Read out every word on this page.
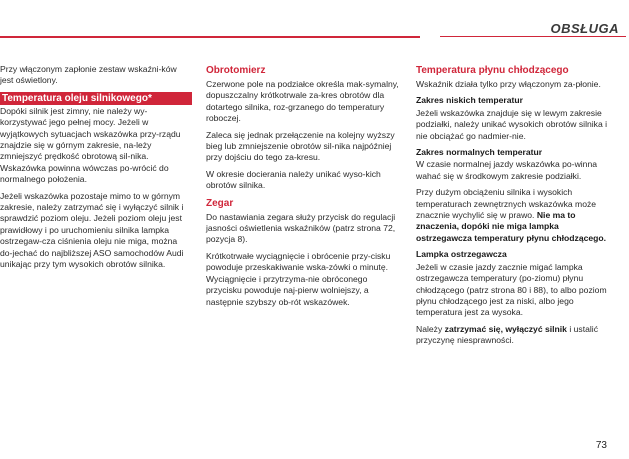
OBSŁUGA

Przy włączonym zapłonie zestaw wskaźni-ków jest oświetlony.

Temperatura oleju silnikowego*

Dopóki silnik jest zimny, nie należy wy-korzystywać jego pełnej mocy. Jeżeli w wyjątkowych sytuacjach wskazówka przy-rządu znajdzie się w górnym zakresie, na-leży zmniejszyć prędkość obrotową sil-nika. Wskazówka powinna wówczas po-wrócić do normalnego położenia.

Jeżeli wskazówka pozostaje mimo to w górnym zakresie, należy zatrzymać się i wyłączyć silnik i sprawdzić poziom oleju. Jeżeli poziom oleju jest prawidłowy i po uruchomieniu silnika lampka ostrzegaw-cza ciśnienia oleju nie miga, można do-jechać do najbliższej ASO samochodów Audi unikając przy tym wysokich obrotów silnika.

Obrotomierz

Czerwone pole na podziałce określa mak-symalny, dopuszczalny krótkotrwale za-kres obrotów dla dotartego silnika, roz-grzanego do temperatury roboczej.

Zaleca się jednak przełączenie na kolejny wyższy bieg lub zmniejszenie obrotów sil-nika najpóźniej przy dojściu do tego za-kresu.

W okresie docierania należy unikać wyso-kich obrotów silnika.

Zegar

Do nastawiania zegara służy przycisk do regulacji jasności oświetlenia wskaźników (patrz strona 72, pozycja 8).

Krótkotrwałe wyciągnięcie i obrócenie przy-cisku powoduje przeskakiwanie wska-zówki o minutę. Wyciągnięcie i przytrzyma-nie obróconego przycisku powoduje naj-pierw wolniejszy, a następnie szybszy ob-rót wskazówek.

Temperatura płynu chłodzącego

Wskaźnik działa tylko przy włączonym za-płonie.

Zakres niskich temperatur

Jeżeli wskazówka znajduje się w lewym zakresie podziałki, należy unikać wysokich obrotów silnika i nie obciążać go nadmier-nie.

Zakres normalnych temperatur

W czasie normalnej jazdy wskazówka po-winna wahać się w środkowym zakresie podziałki.

Przy dużym obciążeniu silnika i wysokich temperaturach zewnętrznych wskazówka może znacznie wychylić się w prawo. Nie ma to znaczenia, dopóki nie miga lampka ostrzegawcza temperatury płynu chłodzącego.

Lampka ostrzegawcza

Jeżeli w czasie jazdy zacznie migać lampka ostrzegawcza temperatury (po-ziomu) płynu chłodzącego (patrz strona 80 i 88), to albo poziom płynu chłodzącego jest za niski, albo jego temperatura jest za wysoka.

Należy zatrzymać się, wyłączyć silnik i ustalić przyczynę niesprawności.

73
